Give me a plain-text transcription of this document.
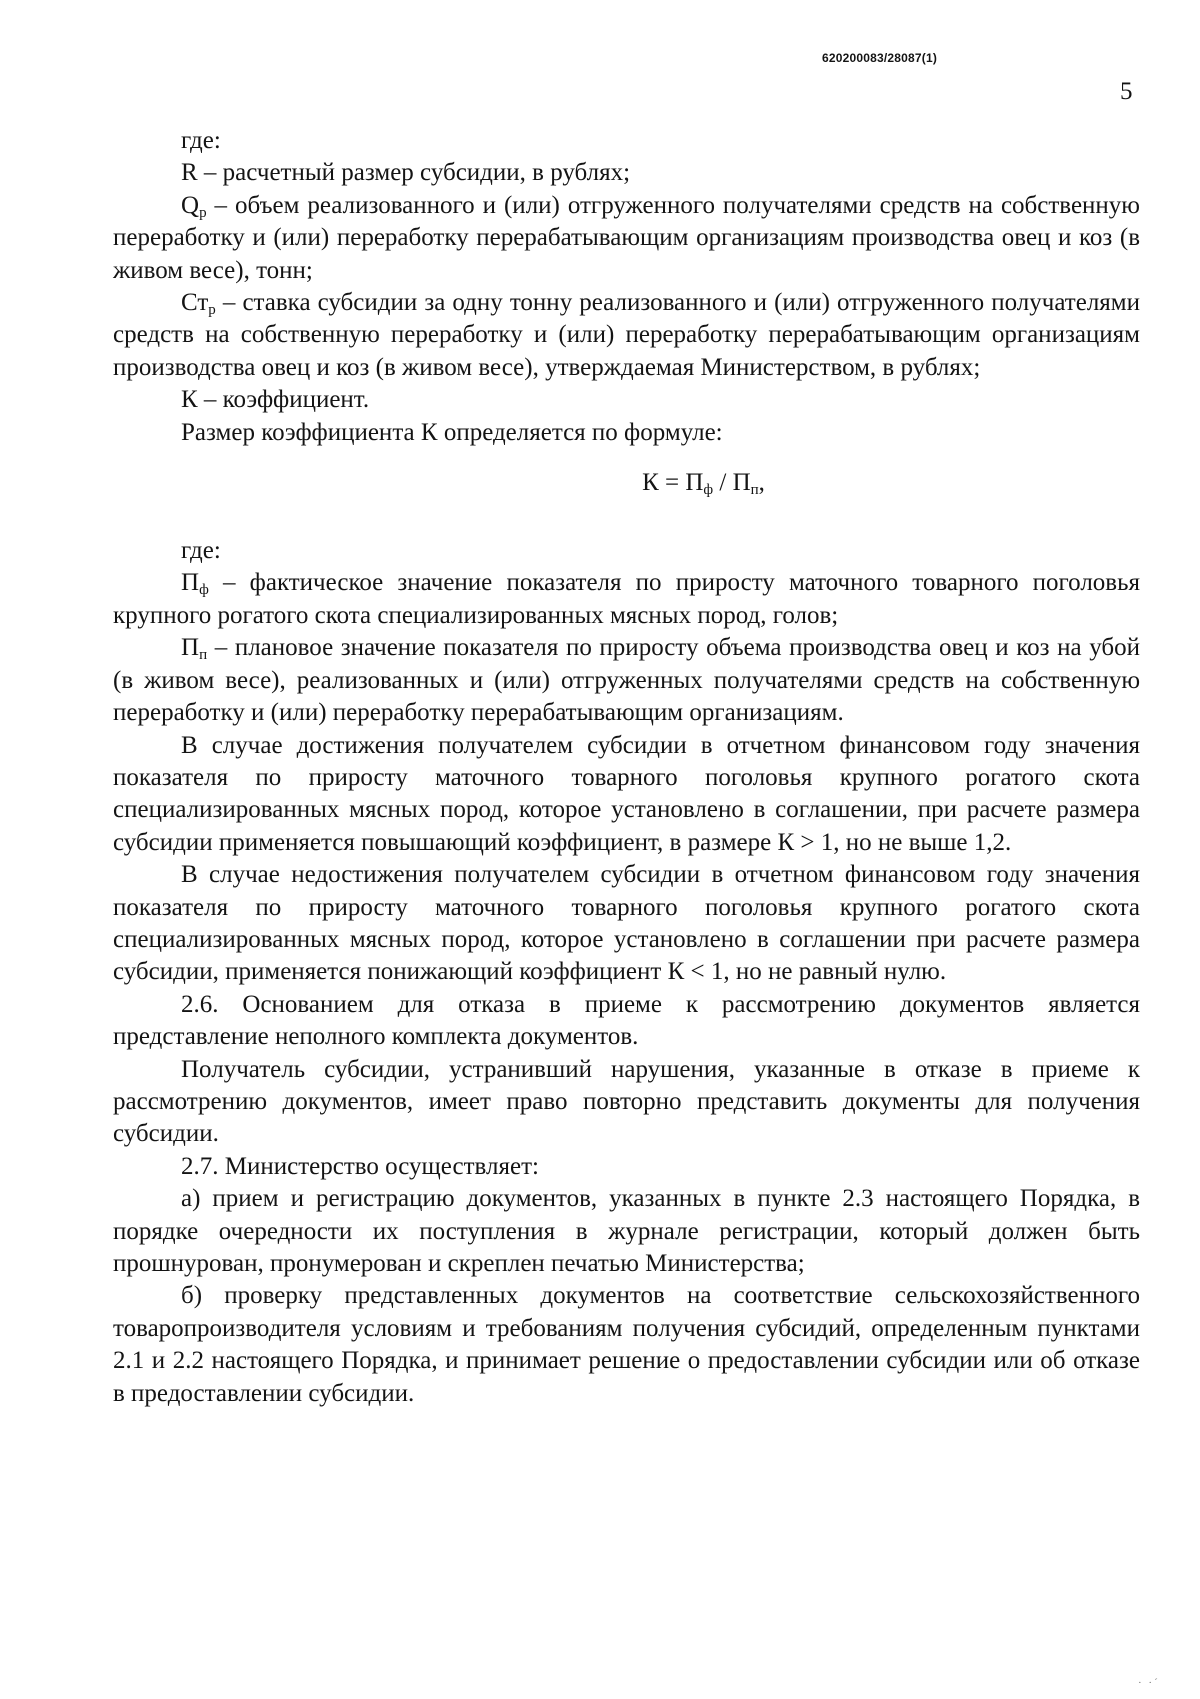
620200083/28087(1)
5

где:

R – расчетный размер субсидии, в рублях;

$Q_р$ – объем реализованного и (или) отгруженного получателями средств на собственную переработку и (или) переработку перерабатывающим организациям производства овец и коз (в живом весе), тонн;

$Ст_р$ – ставка субсидии за одну тонну реализованного и (или) отгруженного получателями средств на собственную переработку и (или) переработку перерабатывающим организациям производства овец и коз (в живом весе), утверждаемая Министерством, в рублях;

К – коэффициент.

Размер коэффициента К определяется по формуле:

$К = П_ф / П_п$,

где:

$П_ф$ – фактическое значение показателя по приросту маточного товарного поголовья крупного рогатого скота специализированных мясных пород, голов;

$П_п$ – плановое значение показателя по приросту объема производства овец и коз на убой (в живом весе), реализованных и (или) отгруженных получателями средств на собственную переработку и (или) переработку перерабатывающим организациям.

В случае достижения получателем субсидии в отчетном финансовом году значения показателя по приросту маточного товарного поголовья крупного рогатого скота специализированных мясных пород, которое установлено в соглашении, при расчете размера субсидии применяется повышающий коэффициент, в размере К > 1, но не выше 1,2.

В случае недостижения получателем субсидии в отчетном финансовом году значения показателя по приросту маточного товарного поголовья крупного рогатого скота специализированных мясных пород, которое установлено в соглашении при расчете размера субсидии, применяется понижающий коэффициент К < 1, но не равный нулю.

2.6. Основанием для отказа в приеме к рассмотрению документов является представление неполного комплекта документов.

Получатель субсидии, устранивший нарушения, указанные в отказе в приеме к рассмотрению документов, имеет право повторно представить документы для получения субсидии.

2.7. Министерство осуществляет:

а) прием и регистрацию документов, указанных в пункте 2.3 настоящего Порядка, в порядке очередности их поступления в журнале регистрации, который должен быть прошнурован, пронумерован и скреплен печатью Министерства;

б) проверку представленных документов на соответствие сельскохозяйственного товаропроизводителя условиям и требованиям получения субсидий, определенным пунктами 2.1 и 2.2 настоящего Порядка, и принимает решение о предоставлении субсидии или об отказе в предоставлении субсидии.

· ·´
